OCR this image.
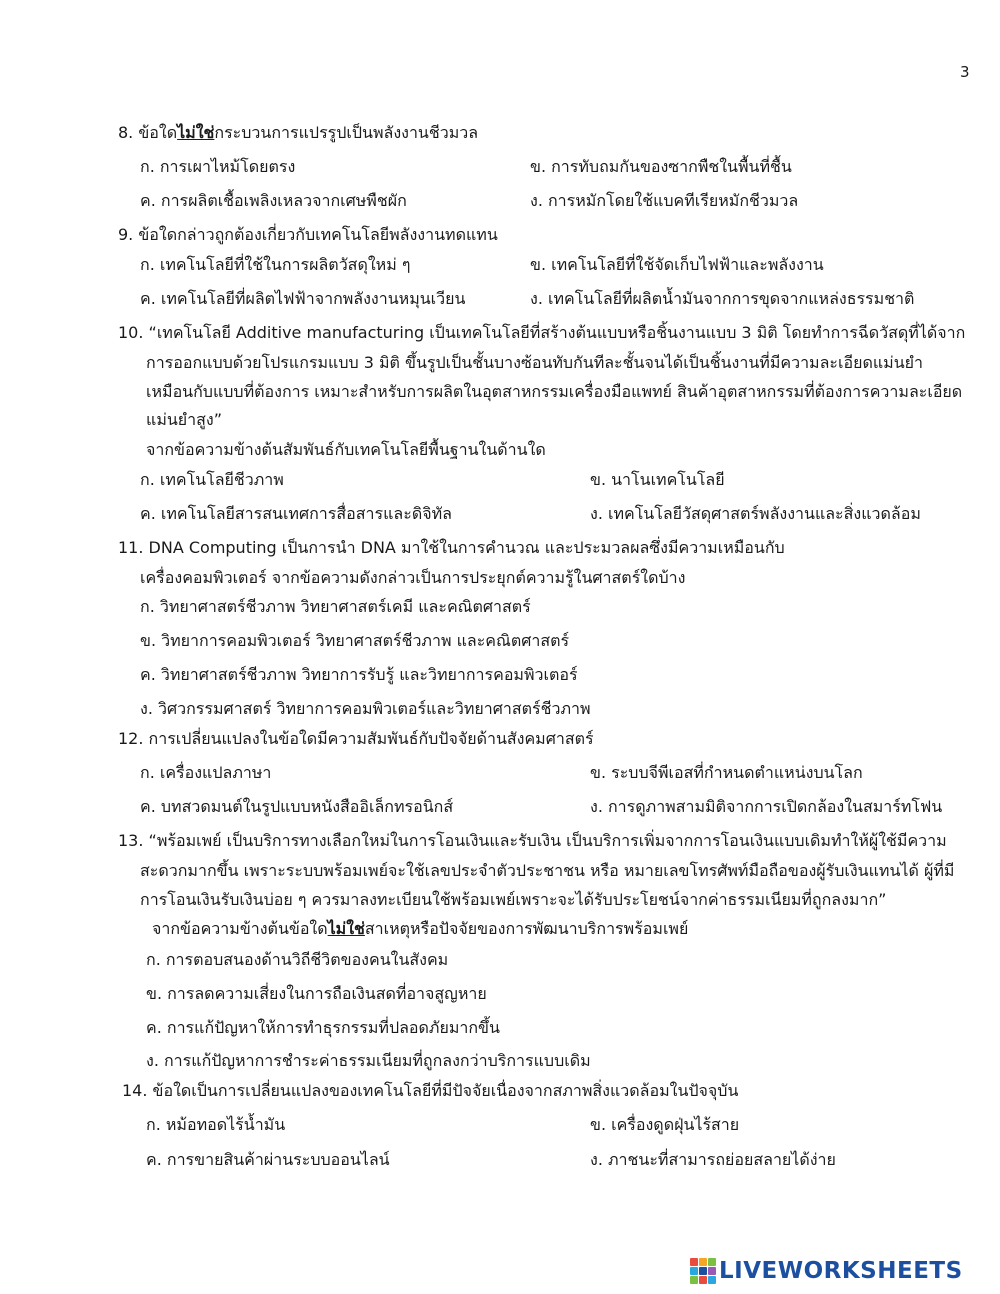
3
8. ข้อใดไม่ใช่กระบวนการแปรรูปเป็นพลังงานชีวมวล
ก. การเผาไหม้โดยตรง	ข. การทับถมกันของซากพืชในพื้นที่ชื้น
ค. การผลิตเชื้อเพลิงเหลวจากเศษพืชผัก	ง. การหมักโดยใช้แบคทีเรียหมักชีวมวล
9. ข้อใดกล่าวถูกต้องเกี่ยวกับเทคโนโลยีพลังงานทดแทน
ก. เทคโนโลยีที่ใช้ในการผลิตวัสดุใหม่ ๆ	ข. เทคโนโลยีที่ใช้จัดเก็บไฟฟ้าและพลังงาน
ค. เทคโนโลยีที่ผลิตไฟฟ้าจากพลังงานหมุนเวียน	ง. เทคโนโลยีที่ผลิตน้ำมันจากการขุดจากแหล่งธรรมชาติ
10. “เทคโนโลยี Additive manufacturing เป็นเทคโนโลยีที่สร้างต้นแบบหรือชิ้นงานแบบ 3 มิติ โดยทำการฉีดวัสดุที่ได้จาก
การออกแบบด้วยโปรแกรมแบบ 3 มิติ ขึ้นรูปเป็นชั้นบางซ้อนทับกันทีละชั้นจนได้เป็นชิ้นงานที่มีความละเอียดแม่นยำ
เหมือนกับแบบที่ต้องการ เหมาะสำหรับการผลิตในอุตสาหกรรมเครื่องมือแพทย์ สินค้าอุตสาหกรรมที่ต้องการความละเอียด
แม่นยำสูง”
จากข้อความข้างต้นสัมพันธ์กับเทคโนโลยีพื้นฐานในด้านใด
ก. เทคโนโลยีชีวภาพ	ข. นาโนเทคโนโลยี
ค. เทคโนโลยีสารสนเทศการสื่อสารและดิจิทัล	ง. เทคโนโลยีวัสดุศาสตร์พลังงานและสิ่งแวดล้อม
11. DNA Computing เป็นการนำ DNA มาใช้ในการคำนวณ และประมวลผลซึ่งมีความเหมือนกับ
เครื่องคอมพิวเตอร์ จากข้อความดังกล่าวเป็นการประยุกต์ความรู้ในศาสตร์ใดบ้าง
ก. วิทยาศาสตร์ชีวภาพ วิทยาศาสตร์เคมี และคณิตศาสตร์
ข. วิทยาการคอมพิวเตอร์ วิทยาศาสตร์ชีวภาพ และคณิตศาสตร์
ค. วิทยาศาสตร์ชีวภาพ วิทยาการรับรู้ และวิทยาการคอมพิวเตอร์
ง. วิศวกรรมศาสตร์ วิทยาการคอมพิวเตอร์และวิทยาศาสตร์ชีวภาพ
12. การเปลี่ยนแปลงในข้อใดมีความสัมพันธ์กับปัจจัยด้านสังคมศาสตร์
ก. เครื่องแปลภาษา	ข. ระบบจีพีเอสที่กำหนดตำแหน่งบนโลก
ค. บทสวดมนต์ในรูปแบบหนังสืออิเล็กทรอนิกส์	ง. การดูภาพสามมิติจากการเปิดกล้องในสมาร์ทโฟน
13. “พร้อมเพย์ เป็นบริการทางเลือกใหม่ในการโอนเงินและรับเงิน เป็นบริการเพิ่มจากการโอนเงินแบบเดิมทำให้ผู้ใช้มีความ
สะดวกมากขึ้น เพราะระบบพร้อมเพย์จะใช้เลขประจำตัวประชาชน หรือ หมายเลขโทรศัพท์มือถือของผู้รับเงินแทนได้ ผู้ที่มี
การโอนเงินรับเงินบ่อย ๆ ควรมาลงทะเบียนใช้พร้อมเพย์เพราะจะได้รับประโยชน์จากค่าธรรมเนียมที่ถูกลงมาก”
จากข้อความข้างต้นข้อใดไม่ใช่สาเหตุหรือปัจจัยของการพัฒนาบริการพร้อมเพย์
ก. การตอบสนองด้านวิถีชีวิตของคนในสังคม
ข. การลดความเสี่ยงในการถือเงินสดที่อาจสูญหาย
ค. การแก้ปัญหาให้การทำธุรกรรมที่ปลอดภัยมากขึ้น
ง. การแก้ปัญหาการชำระค่าธรรมเนียมที่ถูกลงกว่าบริการแบบเดิม
14. ข้อใดเป็นการเปลี่ยนแปลงของเทคโนโลยีที่มีปัจจัยเนื่องจากสภาพสิ่งแวดล้อมในปัจจุบัน
ก. หม้อทอดไร้น้ำมัน	ข. เครื่องดูดฝุ่นไร้สาย
ค. การขายสินค้าผ่านระบบออนไลน์	ง. ภาชนะที่สามารถย่อยสลายได้ง่าย
LIVEWORKSHEETS
